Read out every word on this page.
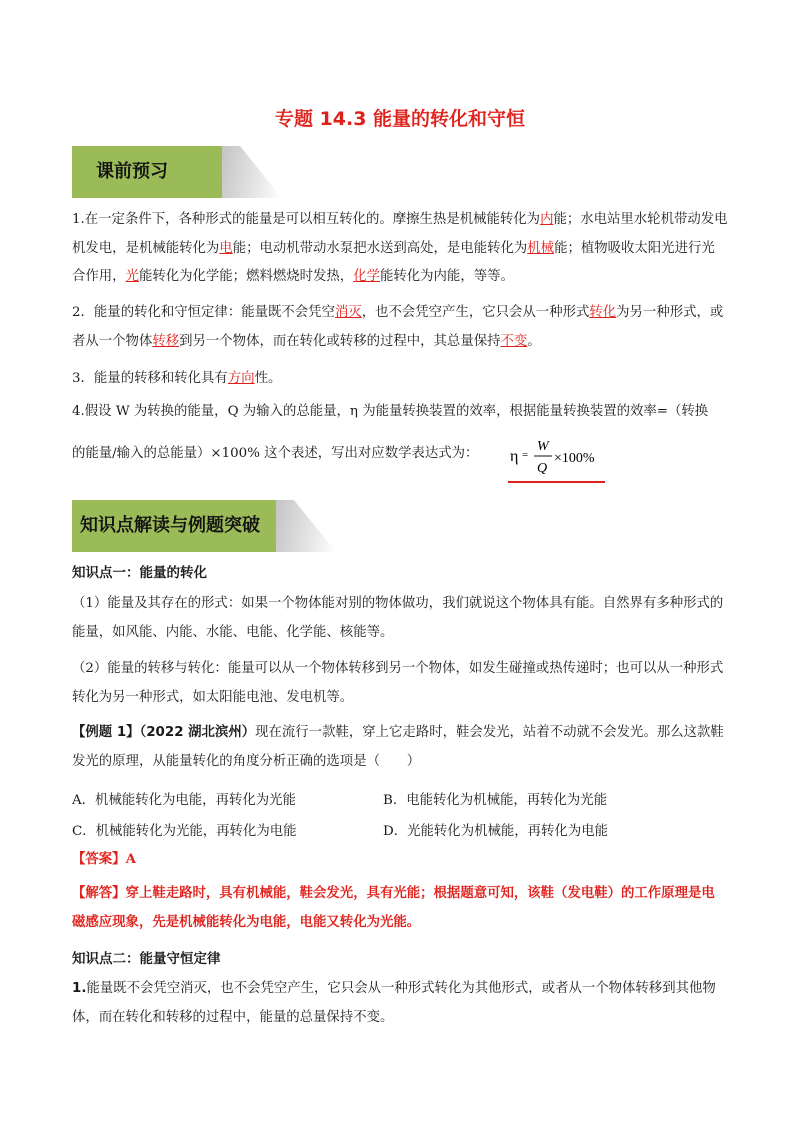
专题 14.3 能量的转化和守恒
课前预习

1.在一定条件下，各种形式的能量是可以相互转化的。摩擦生热是机械能转化为内能；水电站里水轮机带动发电机发电，是机械能转化为电能；电动机带动水泵把水送到高处，是电能转化为机械能；植物吸收太阳光进行光合作用，光能转化为化学能；燃料燃烧时发热，化学能转化为内能，等等。

2．能量的转化和守恒定律：能量既不会凭空消灭，也不会凭空产生，它只会从一种形式转化为另一种形式，或者从一个物体转移到另一个物体，而在转化或转移的过程中，其总量保持不变。

3．能量的转移和转化具有方向性。

4.假设 W 为转换的能量，Q 为输入的总能量，η 为能量转换装置的效率，根据能量转换装置的效率=（转换

的能量/输入的总能量）×100% 这个表述，写出对应数学表达式为：	η =
W
Q
×100%
知识点解读与例题突破
知识点一：能量的转化

（1）能量及其存在的形式：如果一个物体能对别的物体做功，我们就说这个物体具有能。自然界有多种形式的能量，如风能、内能、水能、电能、化学能、核能等。

（2）能量的转移与转化：能量可以从一个物体转移到另一个物体，如发生碰撞或热传递时；也可以从一种形式转化为另一种形式，如太阳能电池、发电机等。

【例题 1】（2022 湖北滨州）现在流行一款鞋，穿上它走路时，鞋会发光，站着不动就不会发光。那么这款鞋发光的原理，从能量转化的角度分析正确的选项是（　　）

A．机械能转化为电能，再转化为光能	B．电能转化为机械能，再转化为光能
C．机械能转化为光能，再转化为电能	D．光能转化为机械能，再转化为电能

【答案】A

【解答】穿上鞋走路时，具有机械能，鞋会发光，具有光能；根据题意可知，该鞋（发电鞋）的工作原理是电磁感应现象，先是机械能转化为电能，电能又转化为光能。

知识点二：能量守恒定律

1.能量既不会凭空消灭，也不会凭空产生，它只会从一种形式转化为其他形式，或者从一个物体转移到其他物体，而在转化和转移的过程中，能量的总量保持不变。
